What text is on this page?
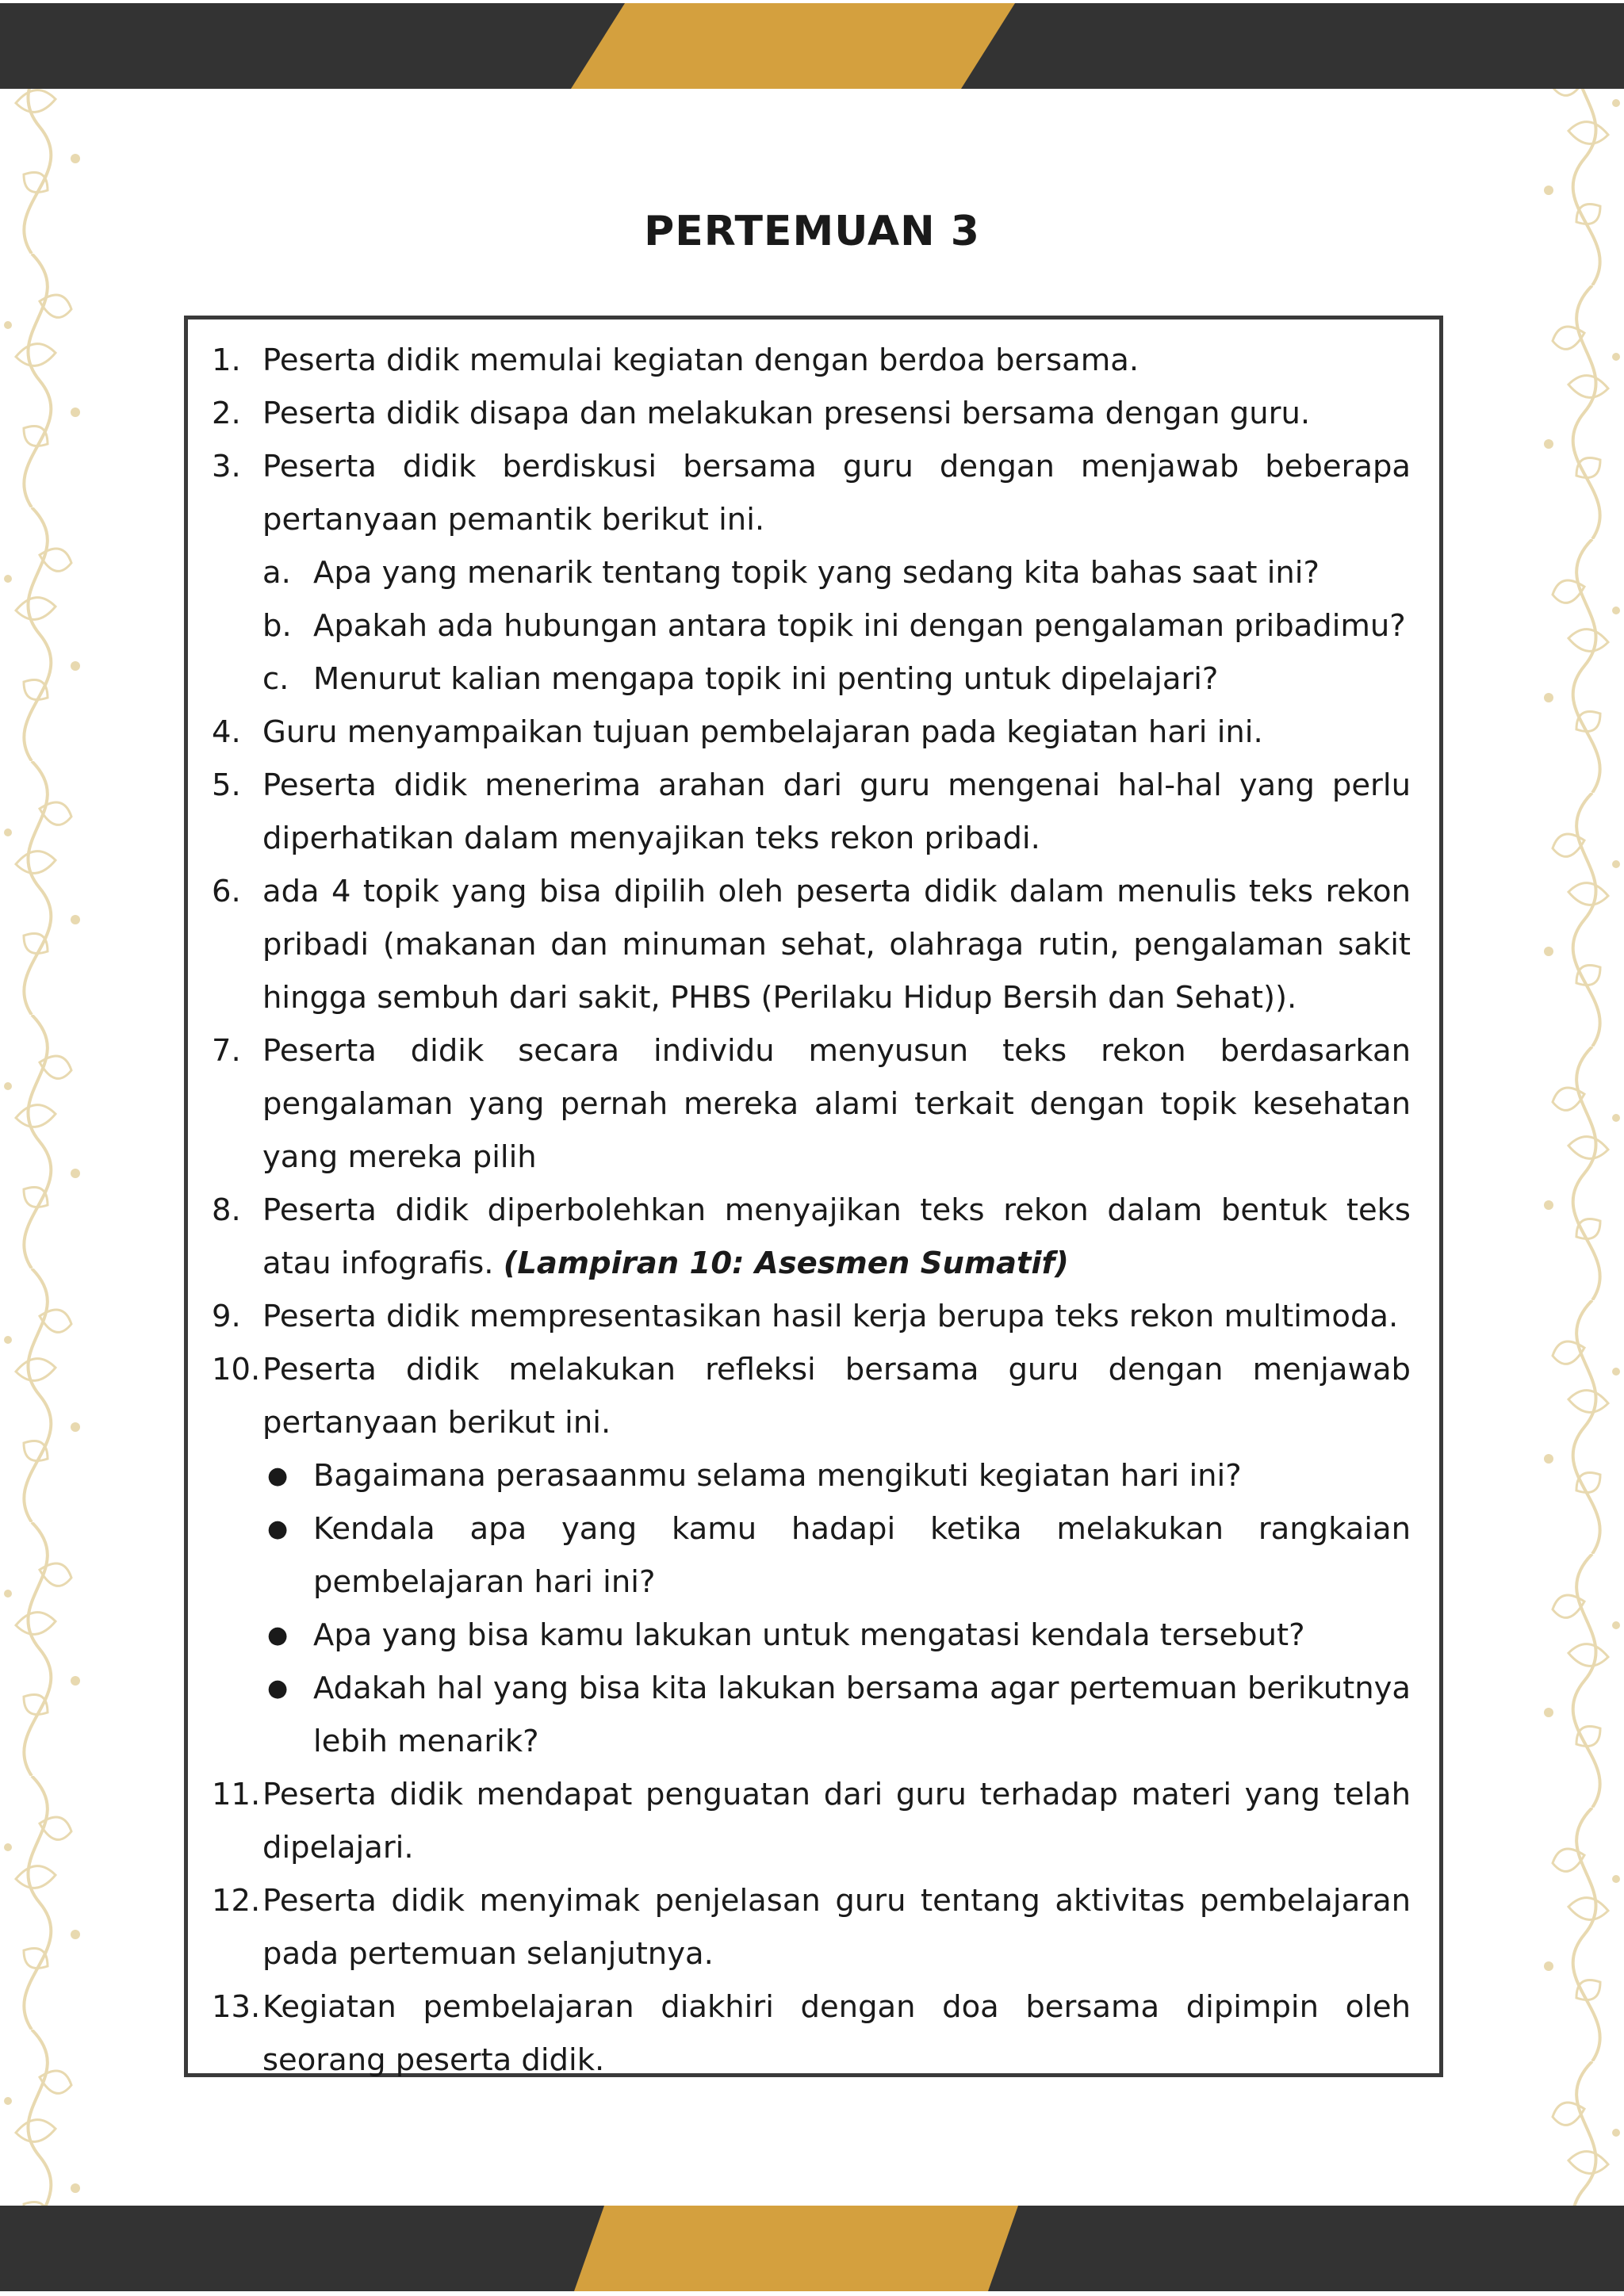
PERTEMUAN 3
1. Peserta didik memulai kegiatan dengan berdoa bersama.
2. Peserta didik disapa dan melakukan presensi bersama dengan guru.
3. Peserta didik berdiskusi bersama guru dengan menjawab beberapa pertanyaan pemantik berikut ini.
a. Apa yang menarik tentang topik yang sedang kita bahas saat ini?
b. Apakah ada hubungan antara topik ini dengan pengalaman pribadimu?
c. Menurut kalian mengapa topik ini penting untuk dipelajari?
4. Guru menyampaikan tujuan pembelajaran pada kegiatan hari ini.
5. Peserta didik menerima arahan dari guru mengenai hal-hal yang perlu diperhatikan dalam menyajikan teks rekon pribadi.
6. ada 4 topik yang bisa dipilih oleh peserta didik dalam menulis teks rekon pribadi (makanan dan minuman sehat, olahraga rutin, pengalaman sakit hingga sembuh dari sakit, PHBS (Perilaku Hidup Bersih dan Sehat)).
7. Peserta didik secara individu menyusun teks rekon berdasarkan pengalaman yang pernah mereka alami terkait dengan topik kesehatan yang mereka pilih
8. Peserta didik diperbolehkan menyajikan teks rekon dalam bentuk teks atau infografis. (Lampiran 10: Asesmen Sumatif)
9. Peserta didik mempresentasikan hasil kerja berupa teks rekon multimoda.
10. Peserta didik melakukan refleksi bersama guru dengan menjawab pertanyaan berikut ini.
● Bagaimana perasaanmu selama mengikuti kegiatan hari ini?
● Kendala apa yang kamu hadapi ketika melakukan rangkaian pembelajaran hari ini?
● Apa yang bisa kamu lakukan untuk mengatasi kendala tersebut?
● Adakah hal yang bisa kita lakukan bersama agar pertemuan berikutnya lebih menarik?
11. Peserta didik mendapat penguatan dari guru terhadap materi yang telah dipelajari.
12. Peserta didik menyimak penjelasan guru tentang aktivitas pembelajaran pada pertemuan selanjutnya.
13. Kegiatan pembelajaran diakhiri dengan doa bersama dipimpin oleh seorang peserta didik.
